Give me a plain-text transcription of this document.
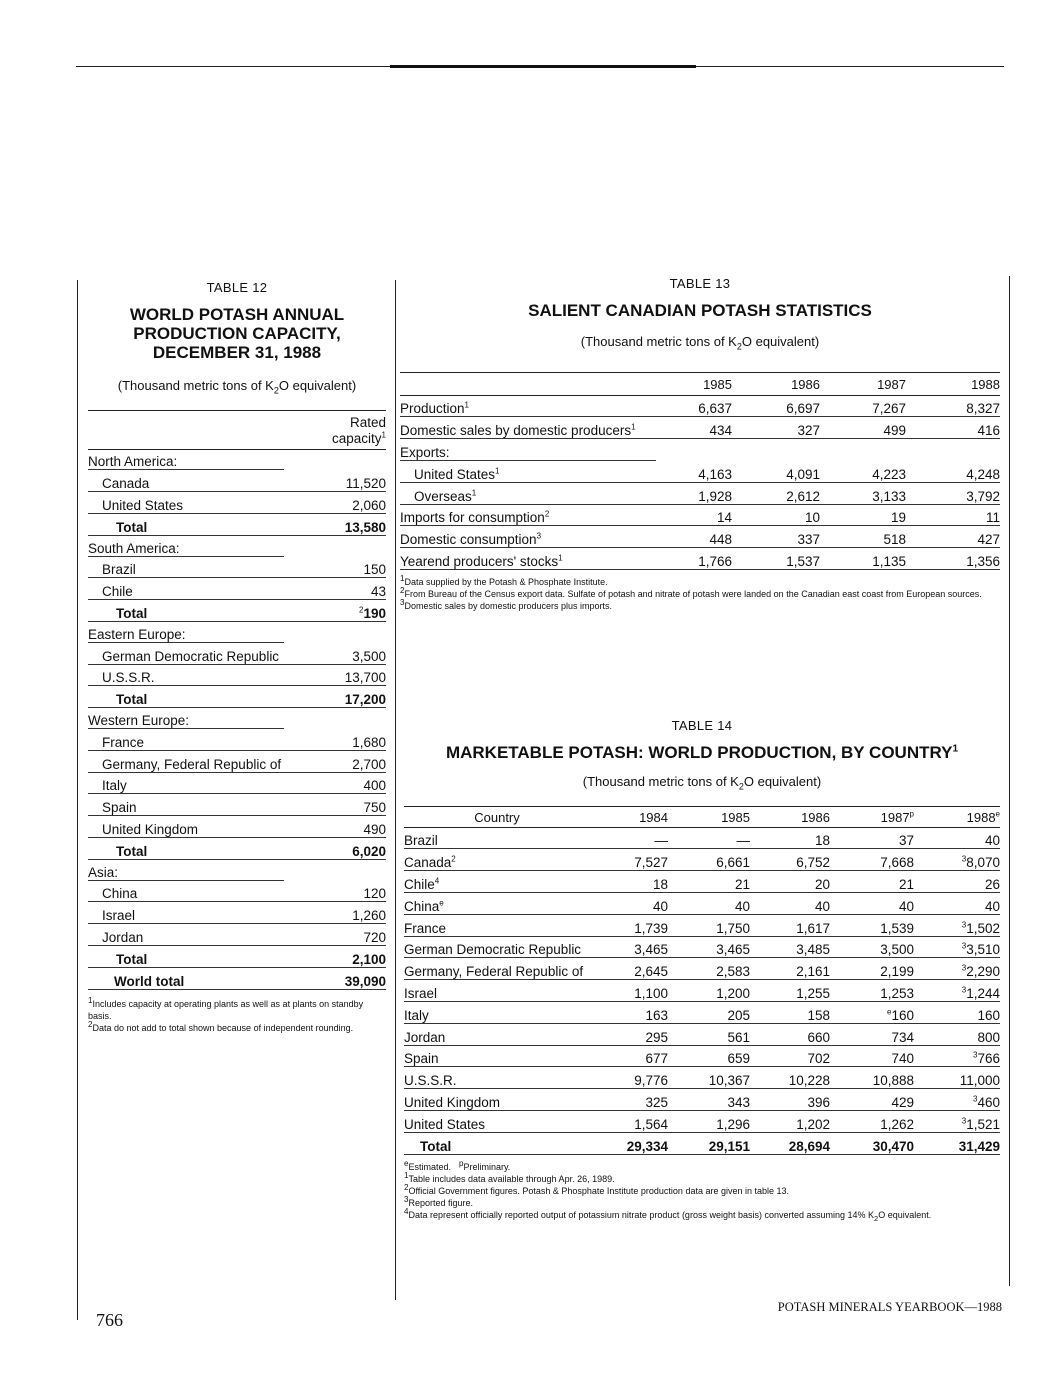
TABLE 12
WORLD POTASH ANNUAL
PRODUCTION CAPACITY,
DECEMBER 31, 1988
(Thousand metric tons of $K_2O$ equivalent)

	Rated
capacity$^1$

North America:	
Canada	11,520
United States	2,060
Total	13,580
South America:	
Brazil	150
Chile	43
Total	$^2$190
Eastern Europe:	
German Democratic Republic	3,500
U.S.S.R.	13,700
Total	17,200
Western Europe:	
France	1,680
Germany, Federal Republic of	2,700
Italy	400
Spain	750
United Kingdom	490
Total	6,020
Asia:	
China	120
Israel	1,260
Jordan	720
Total	2,100
World total	39,090
$^1$Includes capacity at operating plants as well as at plants on standby basis.
$^2$Data do not add to total shown because of independent rounding.
TABLE 13
SALIENT CANADIAN POTASH STATISTICS
(Thousand metric tons of $K_2O$ equivalent)
	1985	1986	1987	1988
Production$^1$	6,637	6,697	7,267	8,327
Domestic sales by domestic producers$^1$	434	327	499	416
Exports:				
United States$^1$	4,163	4,091	4,223	4,248
Overseas$^1$	1,928	2,612	3,133	3,792
Imports for consumption$^2$	14	10	19	11
Domestic consumption$^3$	448	337	518	427
Yearend producers' stocks$^1$	1,766	1,537	1,135	1,356
$^1$Data supplied by the Potash & Phosphate Institute.
$^2$From Bureau of the Census export data. Sulfate of potash and nitrate of potash were landed on the Canadian east coast from European sources.
$^3$Domestic sales by domestic producers plus imports.
TABLE 14
MARKETABLE POTASH: WORLD PRODUCTION, BY COUNTRY$^1$
(Thousand metric tons of $K_2O$ equivalent)
Country	1984	1985	1986	1987$^p$	1988e
Brazil	—	—	18	37	40
Canada$^2$	7,527	6,661	6,752	7,668	$^3$8,070
Chile$^4$	18	21	20	21	26
China$^e$	40	40	40	40	40
France	1,739	1,750	1,617	1,539	$^3$1,502
German Democratic Republic	3,465	3,465	3,485	3,500	$^3$3,510
Germany, Federal Republic of	2,645	2,583	2,161	2,199	$^3$2,290
Israel	1,100	1,200	1,255	1,253	$^3$1,244
Italy	163	205	158	$^e$160	160
Jordan	295	561	660	734	800
Spain	677	659	702	740	$^3$766
U.S.S.R.	9,776	10,367	10,228	10,888	11,000
United Kingdom	325	343	396	429	$^3$460
United States	1,564	1,296	1,202	1,262	$^3$1,521
Total	29,334	29,151	28,694	30,470	31,429
$^e$Estimated. $^p$Preliminary.
$^1$Table includes data available through Apr. 26, 1989.
$^2$Official Government figures. Potash & Phosphate Institute production data are given in table 13.
$^3$Reported figure.
$^4$Data represent officially reported output of potassium nitrate product (gross weight basis) converted assuming 14% $K_2O$ equivalent.
766
POTASH MINERALS YEARBOOK—1988
